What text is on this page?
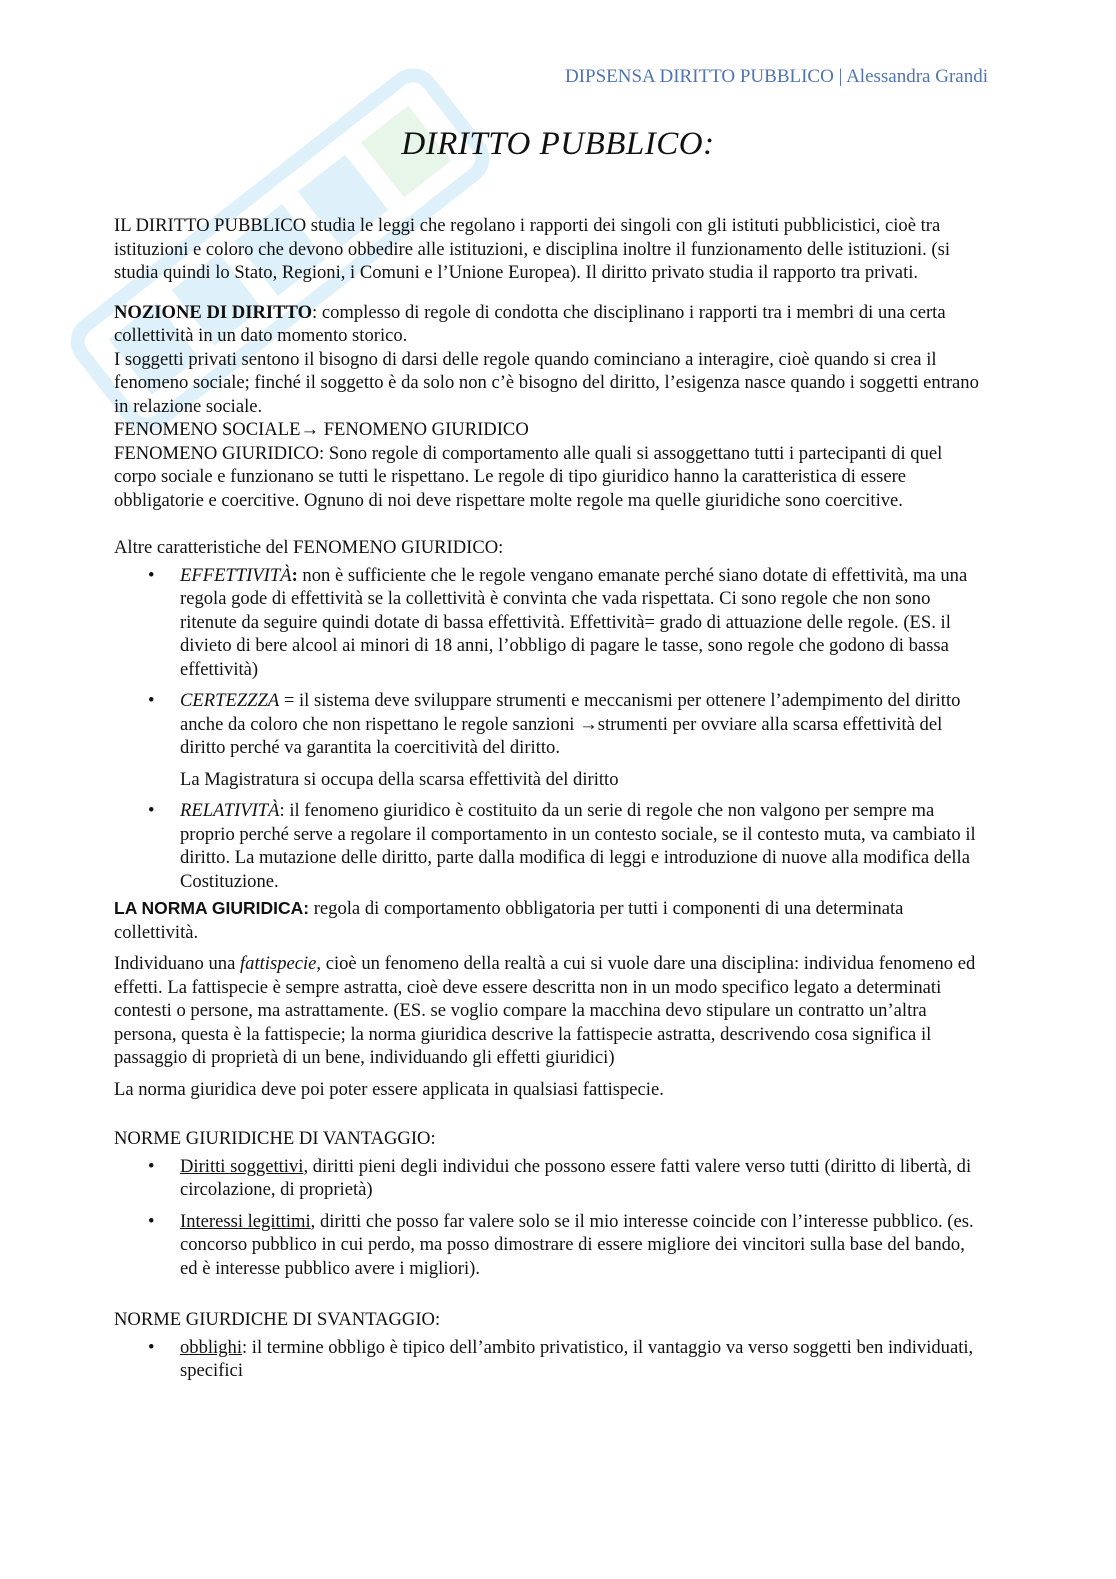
DIPSENSA DIRITTO PUBBLICO | Alessandra Grandi
DIRITTO PUBBLICO:

IL DIRITTO PUBBLICO studia le leggi che regolano i rapporti dei singoli con gli istituti pubblicistici, cioè tra istituzioni e coloro che devono obbedire alle istituzioni, e disciplina inoltre il funzionamento delle istituzioni. (si studia quindi lo Stato, Regioni, i Comuni e l’Unione Europea). Il diritto privato studia il rapporto tra privati.

NOZIONE DI DIRITTO: complesso di regole di condotta che disciplinano i rapporti tra i membri di una certa collettività in un dato momento storico.

I soggetti privati sentono il bisogno di darsi delle regole quando cominciano a interagire, cioè quando si crea il fenomeno sociale; finché il soggetto è da solo non c’è bisogno del diritto, l’esigenza nasce quando i soggetti entrano in relazione sociale.

FENOMENO SOCIALE→ FENOMENO GIURIDICO

FENOMENO GIURIDICO: Sono regole di comportamento alle quali si assoggettano tutti i partecipanti di quel corpo sociale e funzionano se tutti le rispettano. Le regole di tipo giuridico hanno la caratteristica di essere obbligatorie e coercitive. Ognuno di noi deve rispettare molte regole ma quelle giuridiche sono coercitive.

Altre caratteristiche del FENOMENO GIURIDICO:

• EFFETTIVITÀ: non è sufficiente che le regole vengano emanate perché siano dotate di effettività, ma una regola gode di effettività se la collettività è convinta che vada rispettata. Ci sono regole che non sono ritenute da seguire quindi dotate di bassa effettività. Effettività= grado di attuazione delle regole. (ES. il divieto di bere alcool ai minori di 18 anni, l’obbligo di pagare le tasse, sono regole che godono di bassa effettività)
• CERTEZZZA = il sistema deve sviluppare strumenti e meccanismi per ottenere l’adempimento del diritto anche da coloro che non rispettano le regole sanzioni →strumenti per ovviare alla scarsa effettività del diritto perché va garantita la coercitività del diritto.

La Magistratura si occupa della scarsa effettività del diritto

• RELATIVITÀ: il fenomeno giuridico è costituito da un serie di regole che non valgono per sempre ma proprio perché serve a regolare il comportamento in un contesto sociale, se il contesto muta, va cambiato il diritto. La mutazione delle diritto, parte dalla modifica di leggi e introduzione di nuove alla modifica della Costituzione.

LA NORMA GIURIDICA: regola di comportamento obbligatoria per tutti i componenti di una determinata collettività.

Individuano una fattispecie, cioè un fenomeno della realtà a cui si vuole dare una disciplina: individua fenomeno ed effetti. La fattispecie è sempre astratta, cioè deve essere descritta non in un modo specifico legato a determinati contesti o persone, ma astrattamente. (ES. se voglio compare la macchina devo stipulare un contratto un’altra persona, questa è la fattispecie; la norma giuridica descrive la fattispecie astratta, descrivendo cosa significa il passaggio di proprietà di un bene, individuando gli effetti giuridici)

La norma giuridica deve poi poter essere applicata in qualsiasi fattispecie.

NORME GIURIDICHE DI VANTAGGIO:

• Diritti soggettivi, diritti pieni degli individui che possono essere fatti valere verso tutti (diritto di libertà, di circolazione, di proprietà)
• Interessi legittimi, diritti che posso far valere solo se il mio interesse coincide con l’interesse pubblico. (es. concorso pubblico in cui perdo, ma posso dimostrare di essere migliore dei vincitori sulla base del bando, ed è interesse pubblico avere i migliori).

NORME GIURDICHE DI SVANTAGGIO:

• obblighi: il termine obbligo è tipico dell’ambito privatistico, il vantaggio va verso soggetti ben individuati, specifici
